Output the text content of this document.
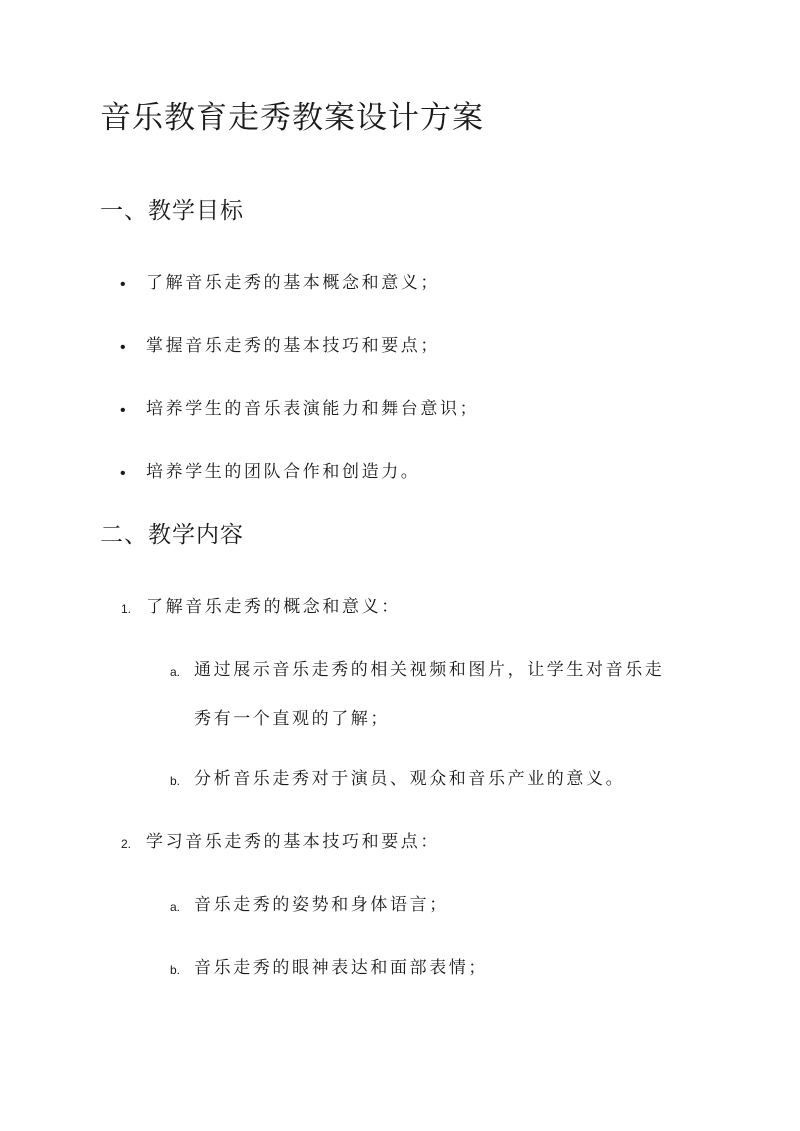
音乐教育走秀教案设计方案
一、教学目标
• 了解音乐走秀的基本概念和意义；
• 掌握音乐走秀的基本技巧和要点；
• 培养学生的音乐表演能力和舞台意识；
• 培养学生的团队合作和创造力。
二、教学内容
1. 了解音乐走秀的概念和意义：
a. 通过展示音乐走秀的相关视频和图片，让学生对音乐走
秀有一个直观的了解；
b. 分析音乐走秀对于演员、观众和音乐产业的意义。
2. 学习音乐走秀的基本技巧和要点：
a. 音乐走秀的姿势和身体语言；
b. 音乐走秀的眼神表达和面部表情；
